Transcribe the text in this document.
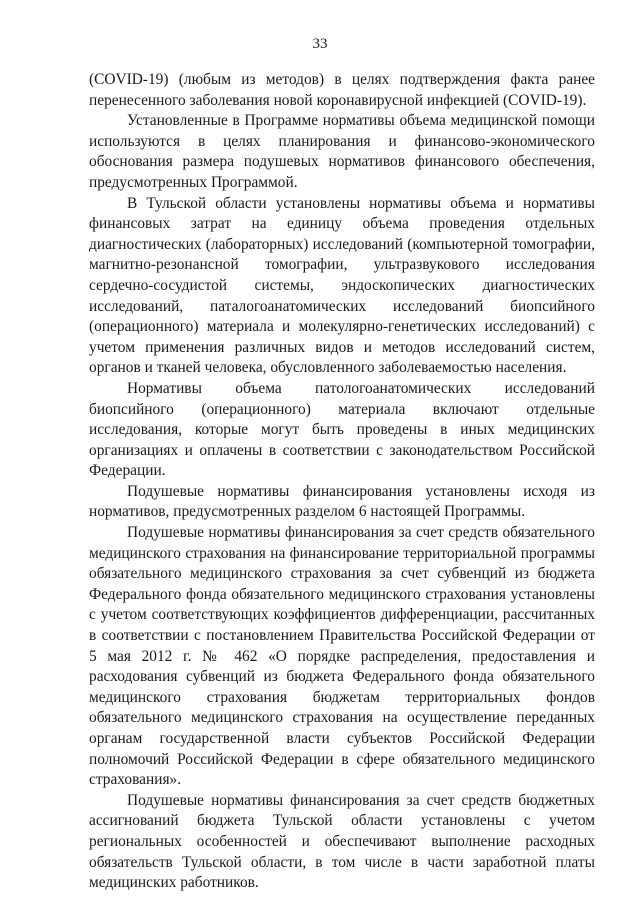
33

(COVID-19) (любым из методов) в целях подтверждения факта ранее перенесенного заболевания новой коронавирусной инфекцией (COVID-19).

Установленные в Программе нормативы объема медицинской помощи используются в целях планирования и финансово-экономического обоснования размера подушевых нормативов финансового обеспечения, предусмотренных Программой.

В Тульской области установлены нормативы объема и нормативы финансовых затрат на единицу объема проведения отдельных диагностических (лабораторных) исследований (компьютерной томографии, магнитно-резонансной томографии, ультразвукового исследования сердечно-сосудистой системы, эндоскопических диагностических исследований, паталогоанатомических исследований биопсийного (операционного) материала и молекулярно-генетических исследований) с учетом применения различных видов и методов исследований систем, органов и тканей человека, обусловленного заболеваемостью населения.

Нормативы объема патологоанатомических исследований биопсийного (операционного) материала включают отдельные исследования, которые могут быть проведены в иных медицинских организациях и оплачены в соответствии с законодательством Российской Федерации.

Подушевые нормативы финансирования установлены исходя из нормативов, предусмотренных разделом 6 настоящей Программы.

Подушевые нормативы финансирования за счет средств обязательного медицинского страхования на финансирование территориальной программы обязательного медицинского страхования за счет субвенций из бюджета Федерального фонда обязательного медицинского страхования установлены с учетом соответствующих коэффициентов дифференциации, рассчитанных в соответствии с постановлением Правительства Российской Федерации от 5 мая 2012 г. № 462 «О порядке распределения, предоставления и расходования субвенций из бюджета Федерального фонда обязательного медицинского страхования бюджетам территориальных фондов обязательного медицинского страхования на осуществление переданных органам государственной власти субъектов Российской Федерации полномочий Российской Федерации в сфере обязательного медицинского страхования».

Подушевые нормативы финансирования за счет средств бюджетных ассигнований бюджета Тульской области установлены с учетом региональных особенностей и обеспечивают выполнение расходных обязательств Тульской области, в том числе в части заработной платы медицинских работников.
